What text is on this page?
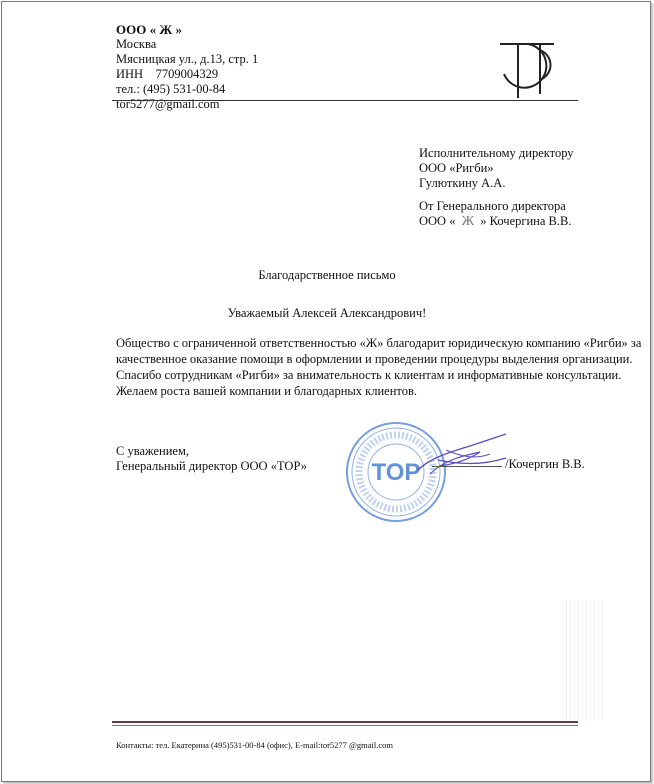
ООО « Ж »
Москва
Мясницкая ул., д.13, стр. 1
ИНН    7709004329
тел.: (495) 531-00-84
tor5277@gmail.com
Исполнительному директору
ООО «Ригби»
Гулюткину А.А.
От Генерального директора
ООО « Ж » Кочергина В.В.
Благодарственное письмо
Уважаемый Алексей Александрович!
Общество с ограниченной ответственностью «Ж» благодарит юридическую компанию «Ригби» за
качественное оказание помощи в оформлении и проведении процедуры выделения организации.
Спасибо сотрудникам «Ригби» за внимательность к клиентам и информативные консультации.
Желаем роста вашей компании и благодарных клиентов.
ТОР
С уважением,
Генеральный директор ООО «ТОР»	/Кочергин В.В.
Контакты: тел. Екатерина (495)531-00-84 (офис), E-mail:tor5277 @gmail.com
